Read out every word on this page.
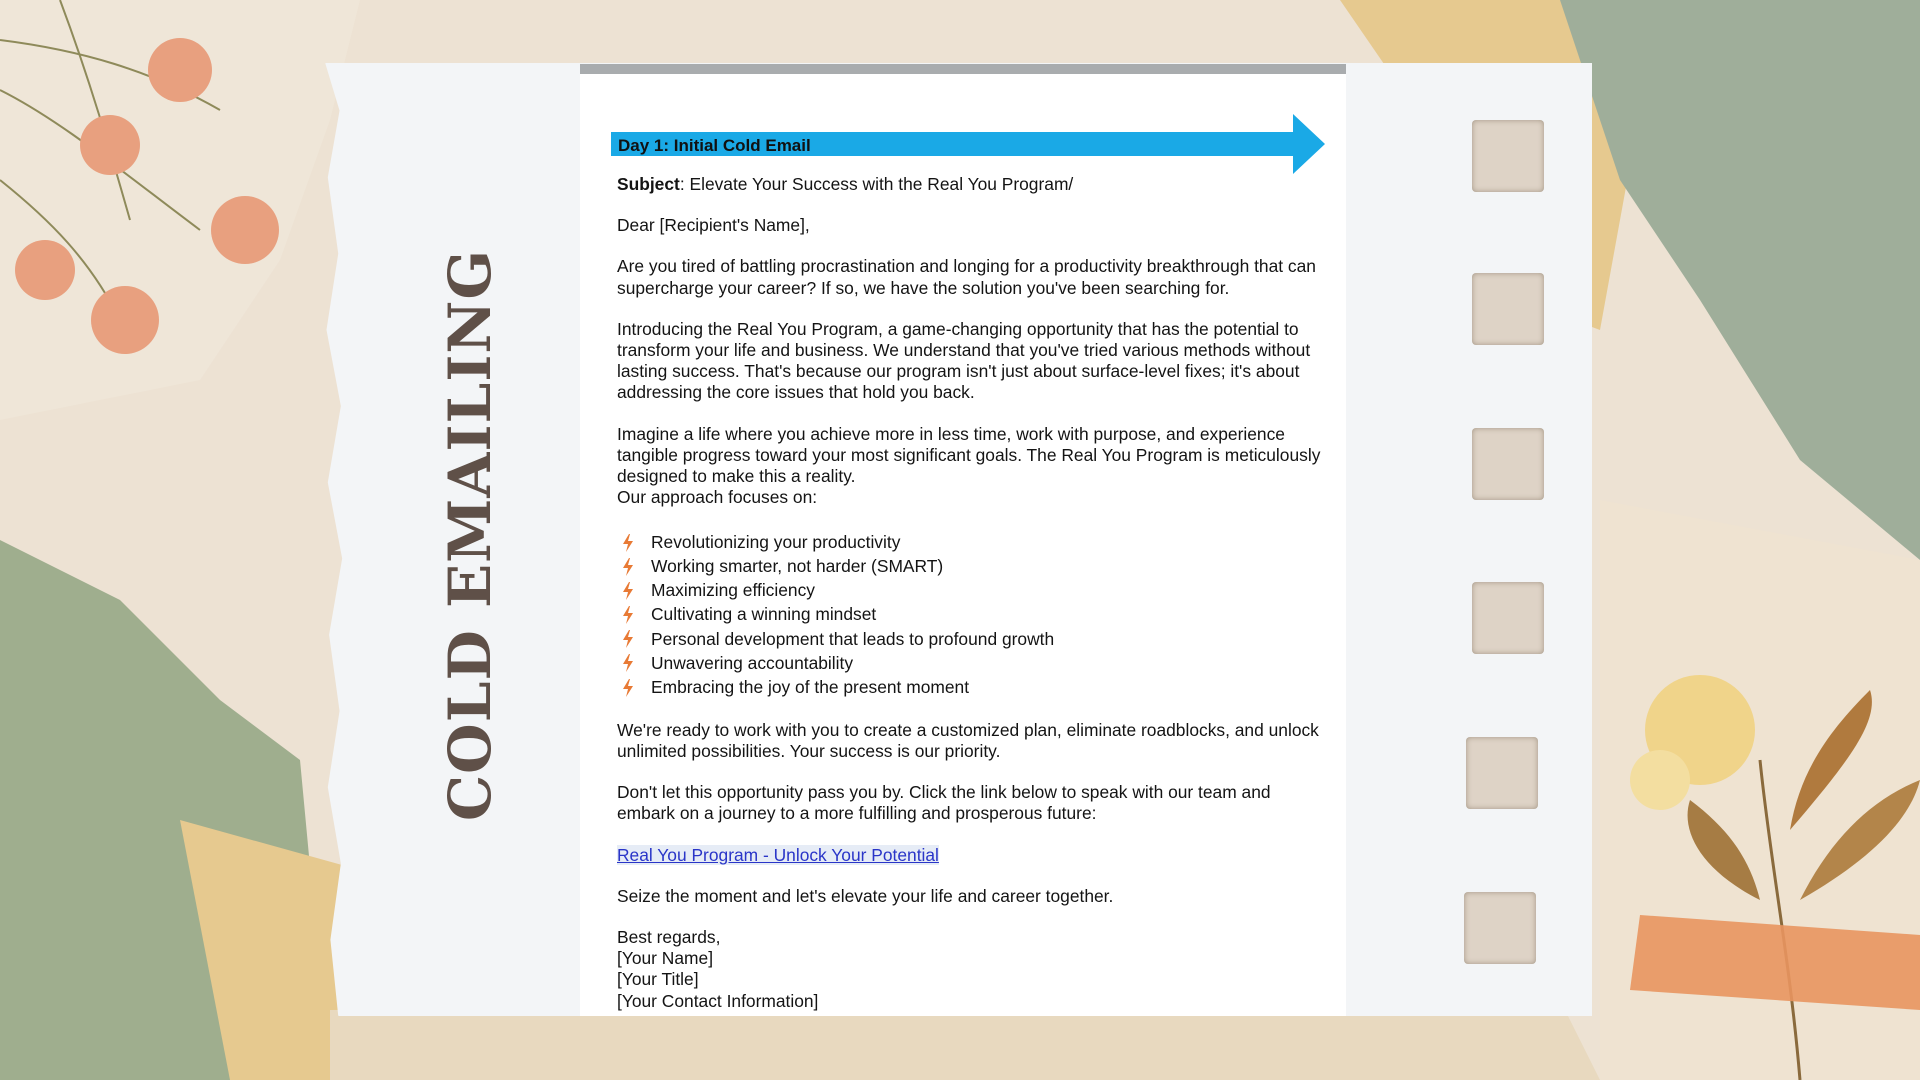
COLD EMAILING
Day 1: Initial Cold Email
Subject: Elevate Your Success with the Real You Program/
Dear [Recipient's Name],
Are you tired of battling procrastination and longing for a productivity breakthrough that can supercharge your career? If so, we have the solution you've been searching for.
Introducing the Real You Program, a game-changing opportunity that has the potential to transform your life and business. We understand that you've tried various methods without lasting success. That's because our program isn't just about surface-level fixes; it's about addressing the core issues that hold you back.
Imagine a life where you achieve more in less time, work with purpose, and experience tangible progress toward your most significant goals. The Real You Program is meticulously designed to make this a reality.
Our approach focuses on:
Revolutionizing your productivity
Working smarter, not harder (SMART)
Maximizing efficiency
Cultivating a winning mindset
Personal development that leads to profound growth
Unwavering accountability
Embracing the joy of the present moment
We're ready to work with you to create a customized plan, eliminate roadblocks, and unlock unlimited possibilities. Your success is our priority.
Don't let this opportunity pass you by. Click the link below to speak with our team and embark on a journey to a more fulfilling and prosperous future:
Real You Program - Unlock Your Potential
Seize the moment and let's elevate your life and career together.
Best regards,
[Your Name]
[Your Title]
[Your Contact Information]
